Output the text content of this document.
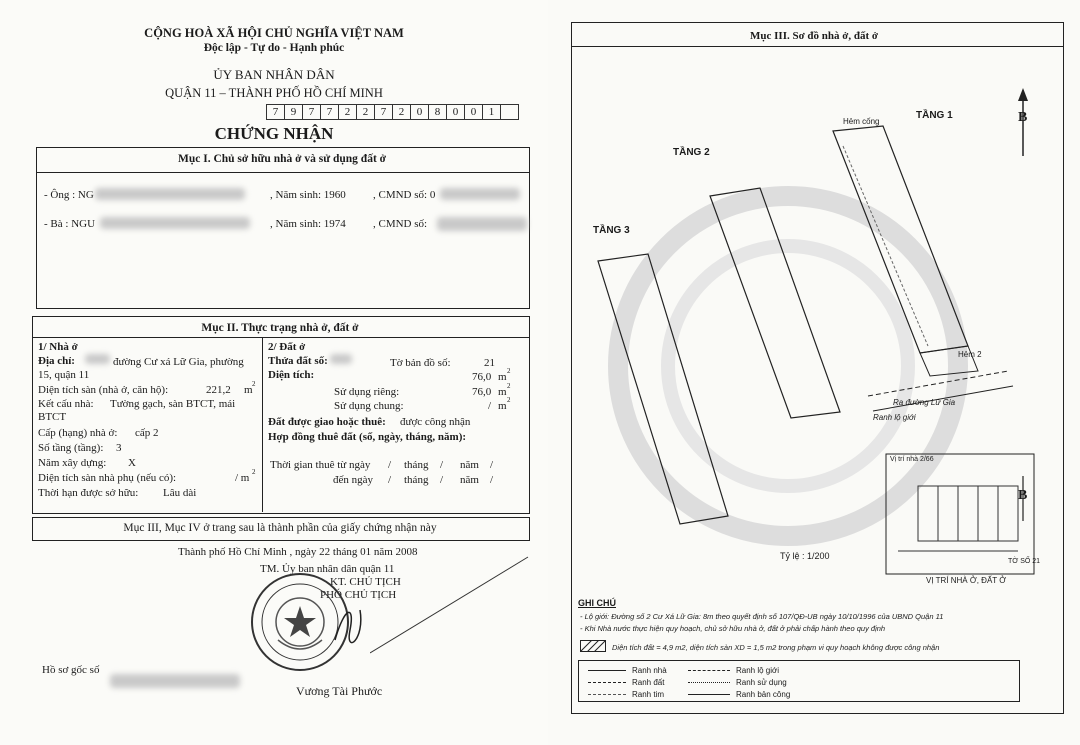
CỘNG HOÀ XÃ HỘI CHỦ NGHĨA VIỆT NAM
Độc lập - Tự do - Hạnh phúc
ỦY BAN NHÂN DÂN
QUẬN 11 – THÀNH PHỐ HỒ CHÍ MINH
7	9	7	7	2	2	7	2	0	8	0	0	1
CHỨNG NHẬN
Mục I. Chủ sở hữu nhà ở và sử dụng đất ở
- Ông : NG	, Năm sinh: 1960 , CMND số: 0
- Bà : NGU	, Năm sinh: 1974 , CMND số:
Mục II. Thực trạng nhà ở, đất ở
1/ Nhà ở
Địa chỉ:	đường Cư xá Lữ Gia, phường
15, quận 11
Diện tích sàn (nhà ở, căn hộ):	221,2 m 2
Kết cấu nhà: Tường gạch, sàn BTCT, mái
BTCT
Cấp (hạng) nhà ở: cấp 2
Số tầng (tầng): 3
Năm xây dựng: X
Diện tích sàn nhà phụ (nếu có):	/ m 2
Thời hạn được sở hữu: Lâu dài
2/ Đất ở
Thửa đất số:	Tờ bản đồ số:	21
Diện tích:	76,0 m 2
Sử dụng riêng:	76,0 m 2
Sử dụng chung:	/ m 2
Đất được giao hoặc thuê: được công nhận
Hợp đồng thuê đất (số, ngày, tháng, năm):
Thời gian thuê từ ngày / tháng / năm /
đến ngày / tháng / năm /
Mục III, Mục IV ở trang sau là thành phần của giấy chứng nhận này
Thành phố Hồ Chí Minh , ngày 22 tháng 01 năm 2008
TM. Ủy ban nhân dân quận 11
KT. CHỦ TỊCH
PHÓ CHỦ TỊCH
Vương Tài Phước
Hồ sơ gốc số
Mục III. Sơ đồ nhà ở, đất ở
TẦNG 1
TẦNG 2
TẦNG 3
Hẻm cống	B
Hẻm 2
Ra đường Lữ Gia
Ranh lộ giới
Vị trí nhà 2/66
B
TỜ SỐ 21
VỊ TRÍ NHÀ Ở, ĐẤT Ở
Tỷ lệ : 1/200
GHI CHÚ
- Lộ giới: Đường số 2 Cư Xá Lữ Gia: 8m theo quyết định số 107/QĐ-UB ngày 10/10/1996 của UBND Quận 11
- Khi Nhà nước thực hiện quy hoạch, chủ sở hữu nhà ở, đất ở phải chấp hành theo quy định
Diện tích đất = 4,9 m2, diện tích sàn XD = 1,5 m2 trong phạm vi quy hoạch không được công nhận
Ranh nhà	Ranh lộ giới
Ranh đất	Ranh sử dụng
Ranh tim	Ranh bản công
